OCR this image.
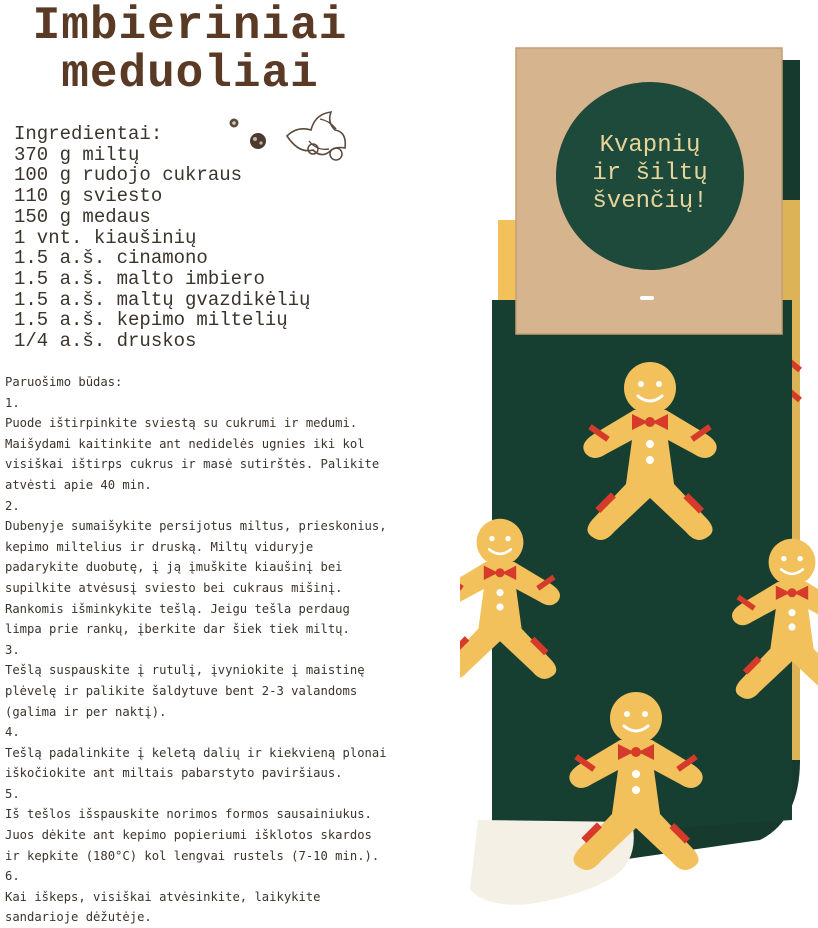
Imbieriniai
meduoliai
Ingredientai:
370 g miltų
100 g rudojo cukraus
110 g sviesto
150 g medaus
1 vnt. kiaušinių
1.5 a.š. cinamono
1.5 a.š. malto imbiero
1.5 a.š. maltų gvazdikėlių
1.5 a.š. kepimo miltelių
1/4 a.š. druskos
Paruošimo būdas:
1.
Puode ištirpinkite sviestą su cukrumi ir medumi.
Maišydami kaitinkite ant nedidelės ugnies iki kol
visiškai ištirps cukrus ir masė sutirštės. Palikite
atvėsti apie 40 min.
2.
Dubenyje sumaišykite persijotus miltus, prieskonius,
kepimo miltelius ir druską. Miltų viduryje
padarykite duobutę, į ją įmuškite kiaušinį bei
supilkite atvėsusį sviesto bei cukraus mišinį.
Rankomis išminkykite tešlą. Jeigu tešla perdaug
limpa prie rankų, įberkite dar šiek tiek miltų.
3.
Tešlą suspauskite į rutulį, įvyniokite į maistinę
plėvelę ir palikite šaldytuve bent 2-3 valandoms
(galima ir per naktį).
4.
Tešlą padalinkite į keletą dalių ir kiekvieną plonai
iškočiokite ant miltais pabarstyto paviršiaus.
5.
Iš tešlos išspauskite norimos formos sausainiukus.
Juos dėkite ant kepimo popieriumi išklotos skardos
ir kepkite (180°C) kol lengvai rustels (7-10 min.).
6.
Kai iškeps, visiškai atvėsinkite, laikykite
sandarioje dėžutėje.
Kvapnių
ir šiltų
švenčių!
